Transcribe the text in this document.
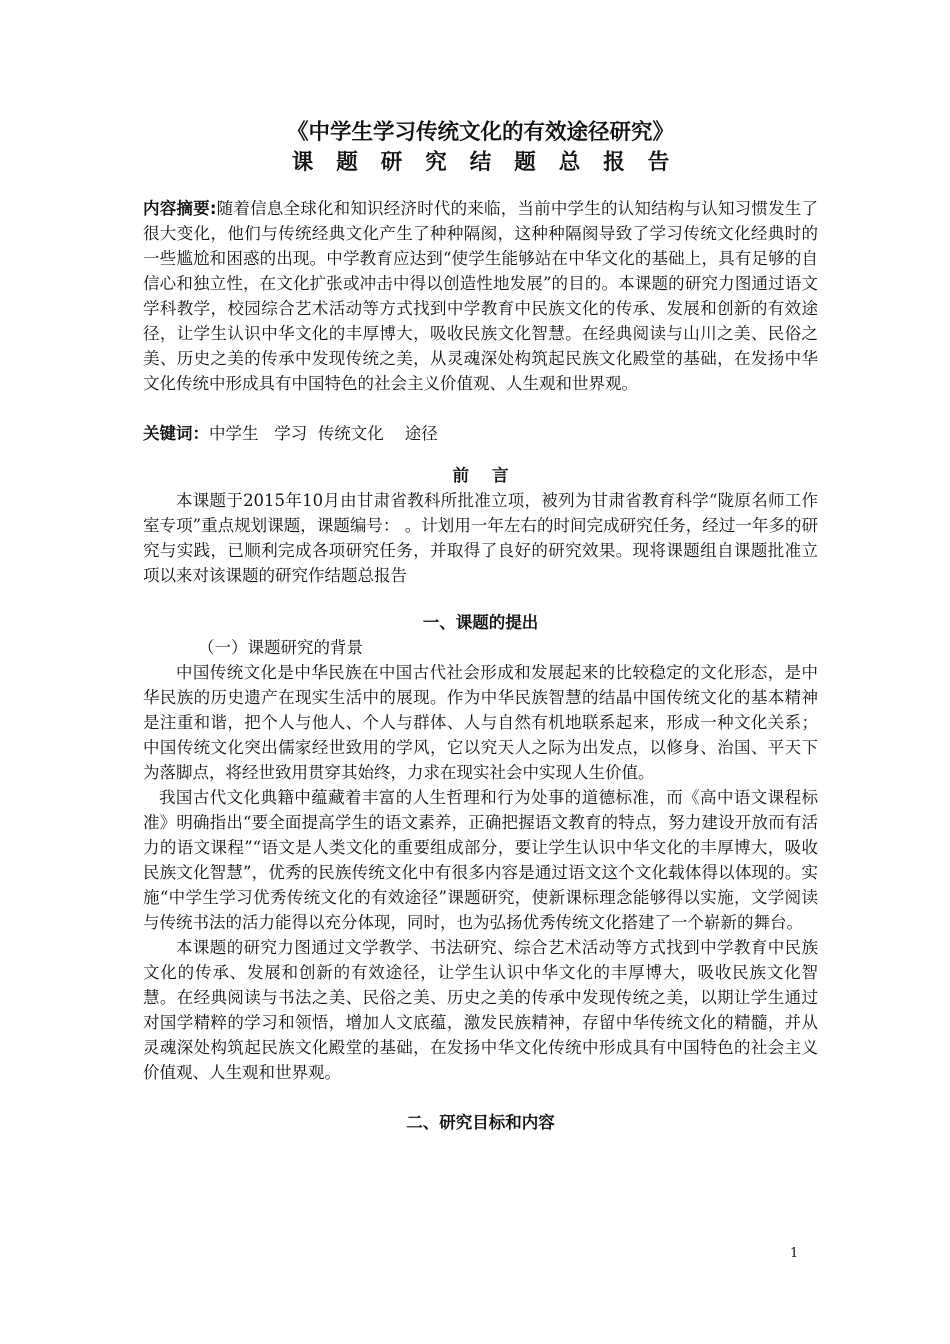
《中学生学习传统文化的有效途径研究》
课题研究结题总报告

内容摘要:随着信息全球化和知识经济时代的来临，当前中学生的认知结构与认知习惯发生了很大变化，他们与传统经典文化产生了种种隔阂，这种种隔阂导致了学习传统文化经典时的一些尴尬和困惑的出现。中学教育应达到“使学生能够站在中华文化的基础上，具有足够的自信心和独立性，在文化扩张或冲击中得以创造性地发展”的目的。本课题的研究力图通过语文学科教学，校园综合艺术活动等方式找到中学教育中民族文化的传承、发展和创新的有效途径，让学生认识中华文化的丰厚博大，吸收民族文化智慧。在经典阅读与山川之美、民俗之美、历史之美的传承中发现传统之美，从灵魂深处构筑起民族文化殿堂的基础，在发扬中华文化传统中形成具有中国特色的社会主义价值观、人生观和世界观。

关键词：中学生   学习  传统文化    途径
前    言

本课题于2015年10月由甘肃省教科所批准立项，被列为甘肃省教育科学“陇原名师工作室专项”重点规划课题，课题编号： 。计划用一年左右的时间完成研究任务，经过一年多的研究与实践，已顺利完成各项研究任务，并取得了良好的研究效果。现将课题组自课题批准立项以来对该课题的研究作结题总报告

一、课题的提出

（一）课题研究的背景

中国传统文化是中华民族在中国古代社会形成和发展起来的比较稳定的文化形态，是中华民族的历史遗产在现实生活中的展现。作为中华民族智慧的结晶中国传统文化的基本精神是注重和谐，把个人与他人、个人与群体、人与自然有机地联系起来，形成一种文化关系；中国传统文化突出儒家经世致用的学风，它以究天人之际为出发点，以修身、治国、平天下为落脚点，将经世致用贯穿其始终，力求在现实社会中实现人生价值。

我国古代文化典籍中蕴藏着丰富的人生哲理和行为处事的道德标准，而《高中语文课程标准》明确指出“要全面提高学生的语文素养，正确把握语文教育的特点，努力建设开放而有活力的语文课程”“语文是人类文化的重要组成部分，要让学生认识中华文化的丰厚博大，吸收民族文化智慧”，优秀的民族传统文化中有很多内容是通过语文这个文化载体得以体现的。实施“中学生学习优秀传统文化的有效途径”课题研究，使新课标理念能够得以实施，文学阅读与传统书法的活力能得以充分体现，同时，也为弘扬优秀传统文化搭建了一个崭新的舞台。

本课题的研究力图通过文学教学、书法研究、综合艺术活动等方式找到中学教育中民族文化的传承、发展和创新的有效途径，让学生认识中华文化的丰厚博大，吸收民族文化智慧。在经典阅读与书法之美、民俗之美、历史之美的传承中发现传统之美，以期让学生通过对国学精粹的学习和领悟，增加人文底蕴，激发民族精神，存留中华传统文化的精髓，并从灵魂深处构筑起民族文化殿堂的基础，在发扬中华文化传统中形成具有中国特色的社会主义价值观、人生观和世界观。

二、研究目标和内容
1
